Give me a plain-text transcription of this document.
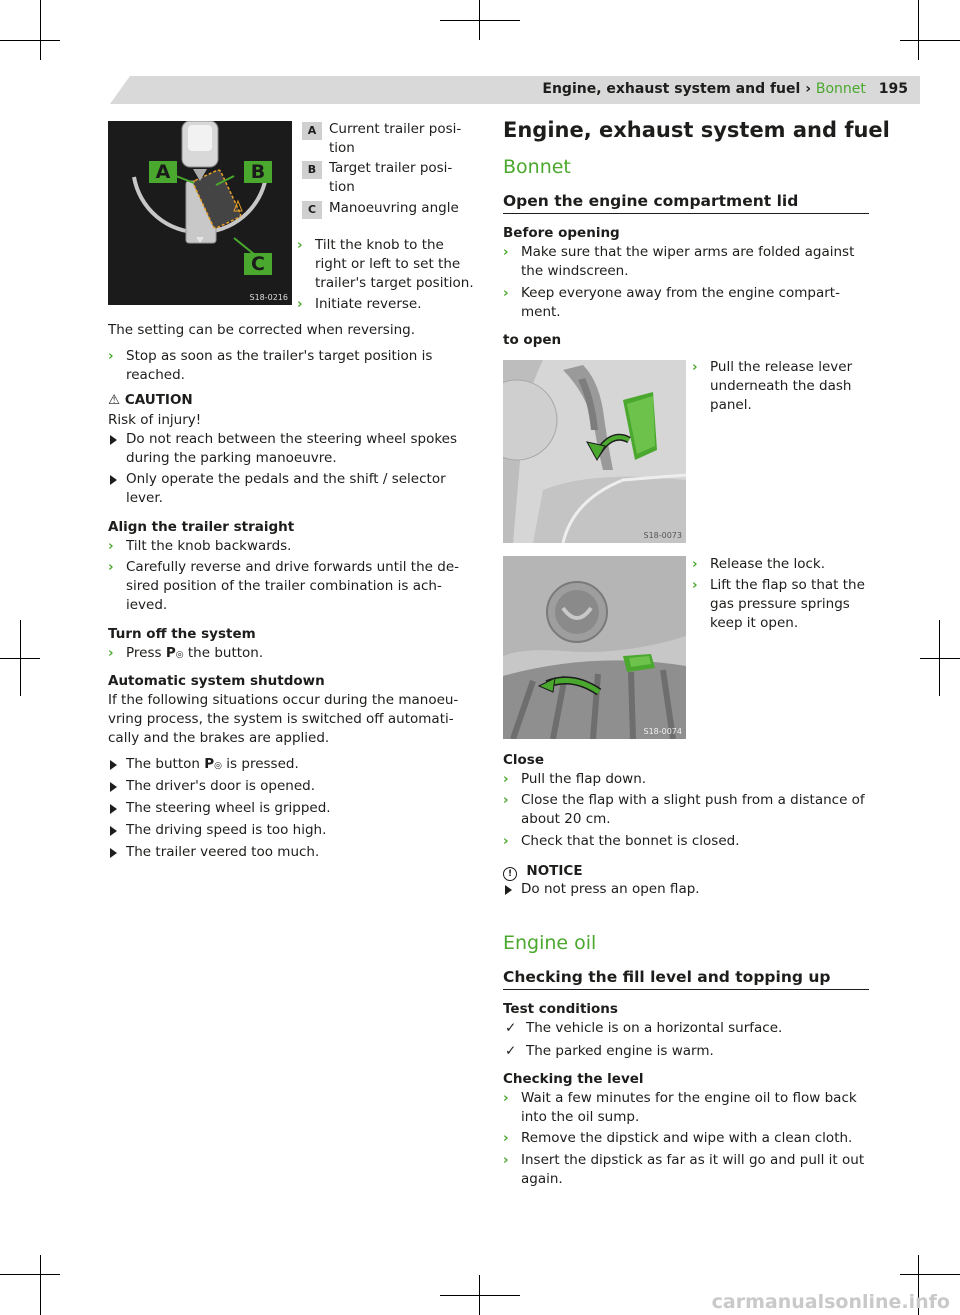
Engine, exhaust system and fuel › Bonnet 195
A	B
C
S18-0216
A Current trailer posi-
tion
B Target trailer posi-
tion
C Manoeuvring angle
› Tilt the knob to the
right or left to set the
trailer's target position.
› Initiate reverse.
The setting can be corrected when reversing.
› Stop as soon as the trailer's target position is
reached.
⚠ CAUTION
Risk of injury!
Do not reach between the steering wheel spokes
during the parking manoeuvre.
Only operate the pedals and the shift / selector
lever.
Align the trailer straight
› Tilt the knob backwards.
› Carefully reverse and drive forwards until the de-
sired position of the trailer combination is ach-
ieved.
Turn off the system
› Press P◎ the button.
Automatic system shutdown
If the following situations occur during the manoeu-
vring process, the system is switched off automati-
cally and the brakes are applied.
The button P◎ is pressed.
The driver's door is opened.
The steering wheel is gripped.
The driving speed is too high.
The trailer veered too much.
Engine, exhaust system and fuel
Bonnet
Open the engine compartment lid
Before opening
› Make sure that the wiper arms are folded against
the windscreen.
› Keep everyone away from the engine compart-
ment.
to open
S18-0073
› Pull the release lever
underneath the dash
panel.
S18-0074
› Release the lock.
› Lift the flap so that the
gas pressure springs
keep it open.
Close
› Pull the flap down.
› Close the flap with a slight push from a distance of
about 20 cm.
› Check that the bonnet is closed.
! NOTICE
Do not press an open flap.
Engine oil
Checking the fill level and topping up
Test conditions
✓ The vehicle is on a horizontal surface.
✓ The parked engine is warm.
Checking the level
› Wait a few minutes for the engine oil to flow back
into the oil sump.
› Remove the dipstick and wipe with a clean cloth.
› Insert the dipstick as far as it will go and pull it out
again.
carmanualsonline.info
